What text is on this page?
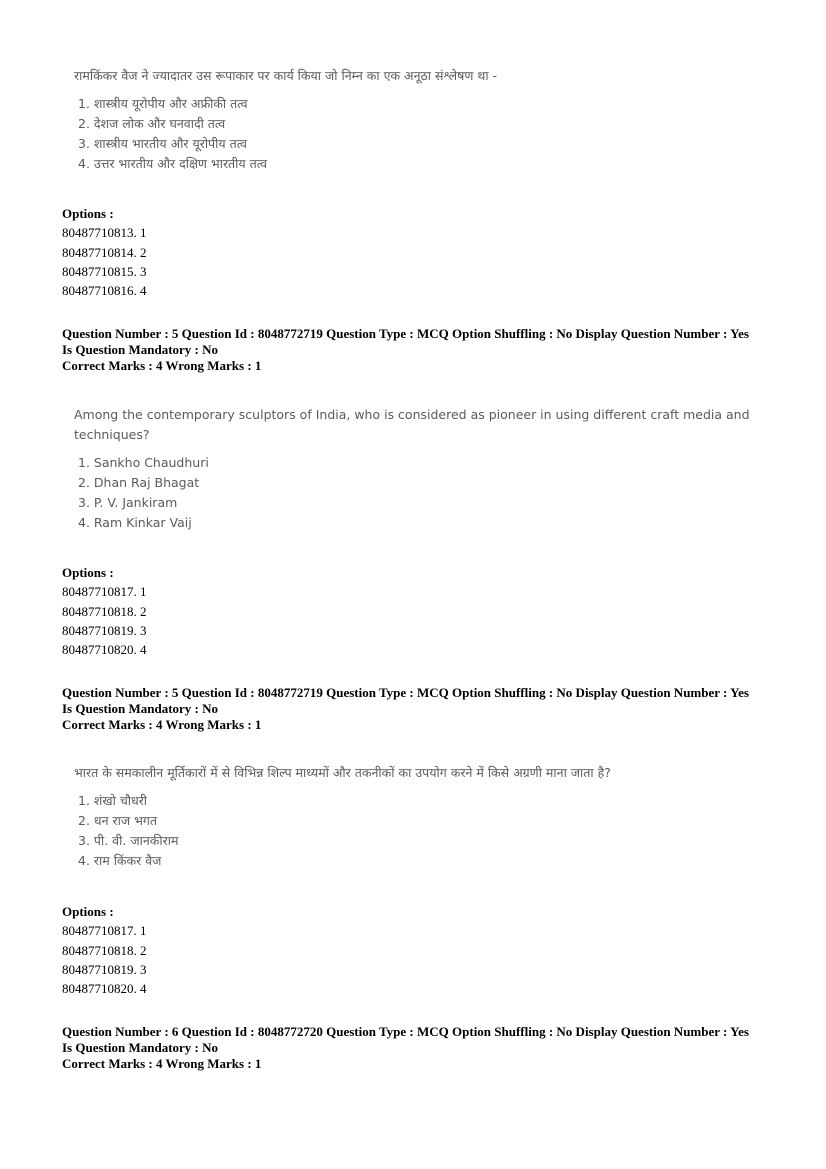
रामकिंकर वैज ने ज्यादातर उस रूपाकार पर कार्य किया जो निम्न का एक अनूठा संश्लेषण था -

1. शास्त्रीय यूरोपीय और अफ्रीकी तत्व
2. देशज लोक और घनवादी तत्व
3. शास्त्रीय भारतीय और यूरोपीय तत्व
4. उत्तर भारतीय और दक्षिण भारतीय तत्व
Options :
80487710813. 1
80487710814. 2
80487710815. 3
80487710816. 4
Question Number : 5 Question Id : 8048772719 Question Type : MCQ Option Shuffling : No Display Question Number : Yes
Is Question Mandatory : No
Correct Marks : 4 Wrong Marks : 1

Among the contemporary sculptors of India, who is considered as pioneer in using different craft media and techniques?

1. Sankho Chaudhuri
2. Dhan Raj Bhagat
3. P. V. Jankiram
4. Ram Kinkar Vaij
Options :
80487710817. 1
80487710818. 2
80487710819. 3
80487710820. 4
Question Number : 5 Question Id : 8048772719 Question Type : MCQ Option Shuffling : No Display Question Number : Yes
Is Question Mandatory : No
Correct Marks : 4 Wrong Marks : 1

भारत के समकालीन मूर्तिकारों में से विभिन्न शिल्प माध्यमों और तकनीकों का उपयोग करने में किसे अग्रणी माना जाता है?

1. शंखो चौधरी
2. धन राज भगत
3. पी. वी. जानकीराम
4. राम किंकर वैज
Options :
80487710817. 1
80487710818. 2
80487710819. 3
80487710820. 4
Question Number : 6 Question Id : 8048772720 Question Type : MCQ Option Shuffling : No Display Question Number : Yes
Is Question Mandatory : No
Correct Marks : 4 Wrong Marks : 1
